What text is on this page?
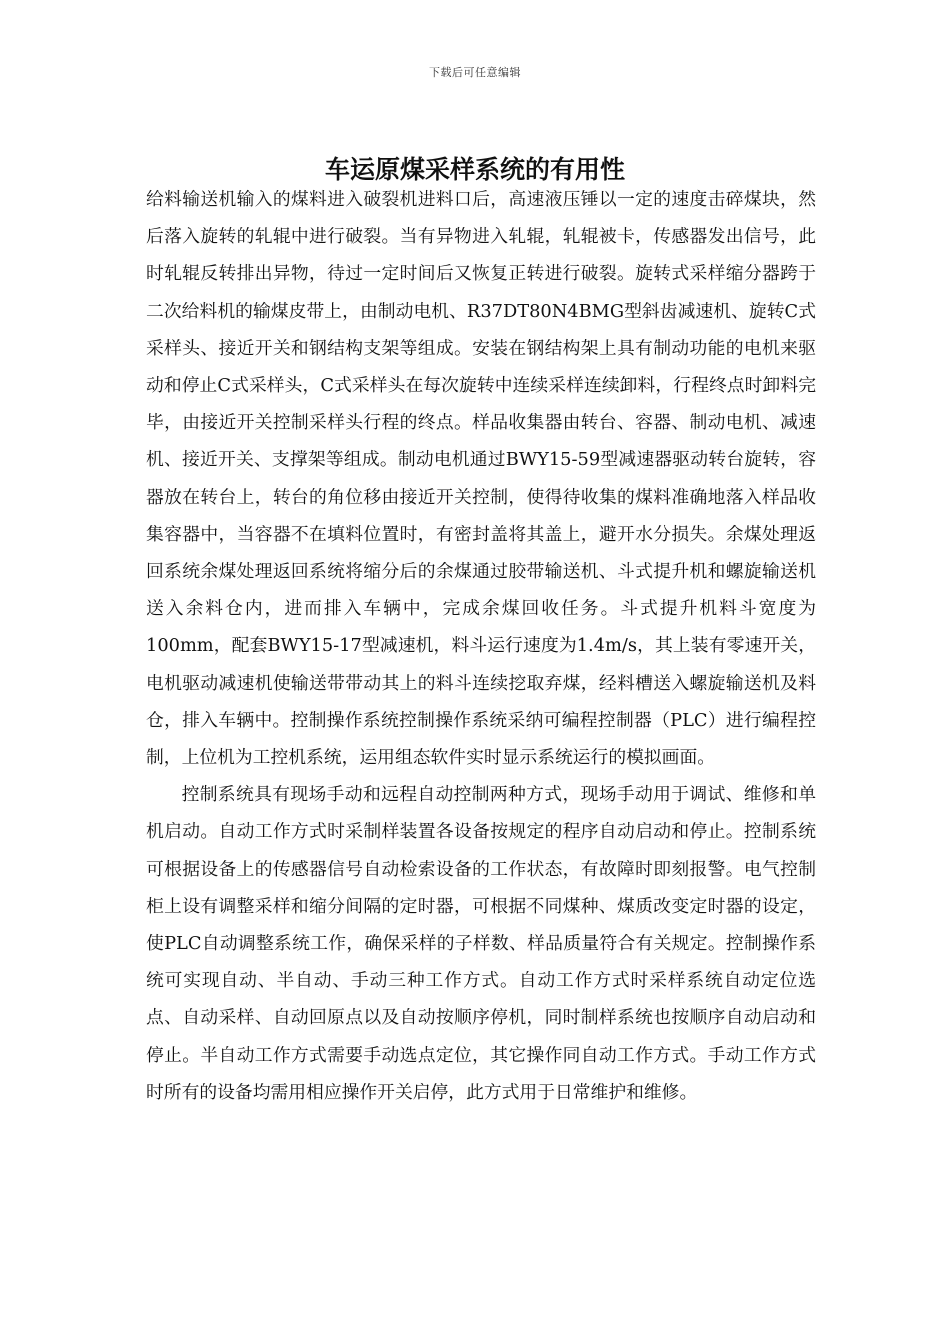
下载后可任意编辑
车运原煤采样系统的有用性

给料输送机输入的煤料进入破裂机进料口后，高速液压锤以一定的速度击碎煤块，然后落入旋转的轧辊中进行破裂。当有异物进入轧辊，轧辊被卡，传感器发出信号，此时轧辊反转排出异物，待过一定时间后又恢复正转进行破裂。旋转式采样缩分器跨于二次给料机的输煤皮带上，由制动电机、R37DT80N4BMG型斜齿减速机、旋转C式采样头、接近开关和钢结构支架等组成。安装在钢结构架上具有制动功能的电机来驱动和停止C式采样头，C式采样头在每次旋转中连续采样连续卸料，行程终点时卸料完毕，由接近开关控制采样头行程的终点。样品收集器由转台、容器、制动电机、减速机、接近开关、支撑架等组成。制动电机通过BWY15-59型减速器驱动转台旋转，容器放在转台上，转台的角位移由接近开关控制，使得待收集的煤料准确地落入样品收集容器中，当容器不在填料位置时，有密封盖将其盖上，避开水分损失。余煤处理返回系统余煤处理返回系统将缩分后的余煤通过胶带输送机、斗式提升机和螺旋输送机送入余料仓内，进而排入车辆中，完成余煤回收任务。斗式提升机料斗宽度为100mm，配套BWY15-17型减速机，料斗运行速度为1.4m/s，其上装有零速开关，电机驱动减速机使输送带带动其上的料斗连续挖取弃煤，经料槽送入螺旋输送机及料仓，排入车辆中。控制操作系统控制操作系统采纳可编程控制器（PLC）进行编程控制，上位机为工控机系统，运用组态软件实时显示系统运行的模拟画面。

控制系统具有现场手动和远程自动控制两种方式，现场手动用于调试、维修和单机启动。自动工作方式时采制样装置各设备按规定的程序自动启动和停止。控制系统可根据设备上的传感器信号自动检索设备的工作状态，有故障时即刻报警。电气控制柜上设有调整采样和缩分间隔的定时器，可根据不同煤种、煤质改变定时器的设定，使PLC自动调整系统工作，确保采样的子样数、样品质量符合有关规定。控制操作系统可实现自动、半自动、手动三种工作方式。自动工作方式时采样系统自动定位选点、自动采样、自动回原点以及自动按顺序停机，同时制样系统也按顺序自动启动和停止。半自动工作方式需要手动选点定位，其它操作同自动工作方式。手动工作方式时所有的设备均需用相应操作开关启停，此方式用于日常维护和维修。
